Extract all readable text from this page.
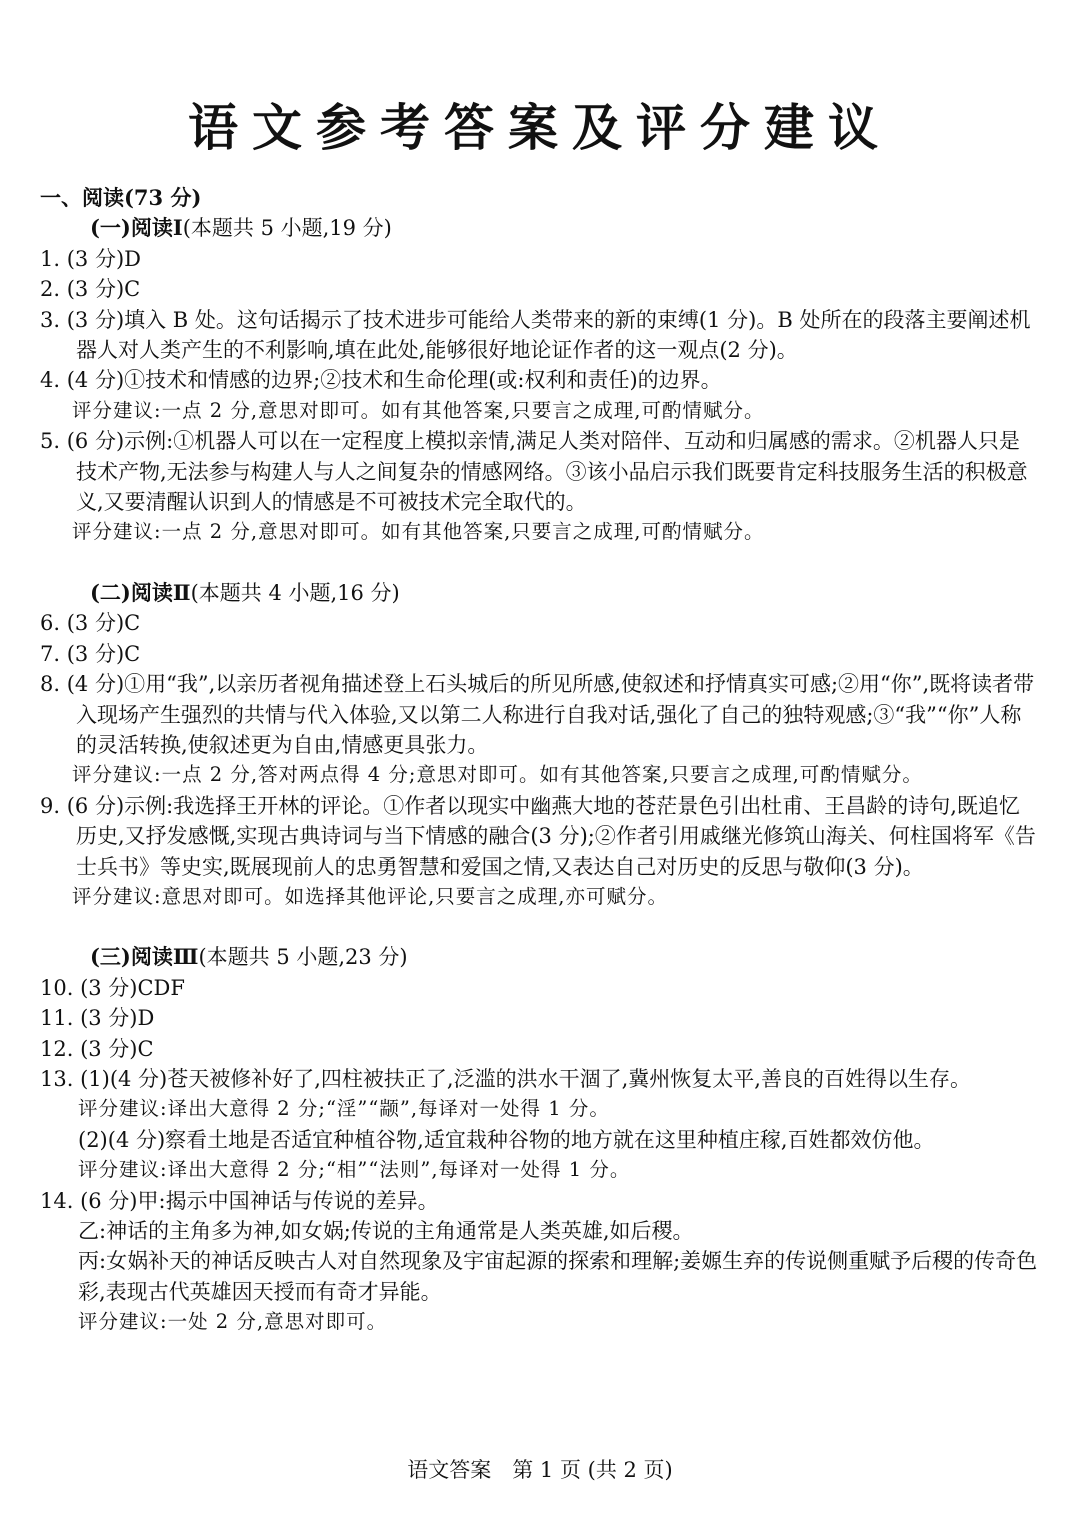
语文参考答案及评分建议

一、阅读(73 分)

(一)阅读Ⅰ(本题共 5 小题,19 分)

1. (3 分)D

2. (3 分)C

3. (3 分)填入 B 处。这句话揭示了技术进步可能给人类带来的新的束缚(1 分)。B 处所在的段落主要阐述机器人对人类产生的不利影响,填在此处,能够很好地论证作者的这一观点(2 分)。

4. (4 分)①技术和情感的边界;②技术和生命伦理(或:权利和责任)的边界。

评分建议:一点 2 分,意思对即可。如有其他答案,只要言之成理,可酌情赋分。

5. (6 分)示例:①机器人可以在一定程度上模拟亲情,满足人类对陪伴、互动和归属感的需求。②机器人只是技术产物,无法参与构建人与人之间复杂的情感网络。③该小品启示我们既要肯定科技服务生活的积极意义,又要清醒认识到人的情感是不可被技术完全取代的。

评分建议:一点 2 分,意思对即可。如有其他答案,只要言之成理,可酌情赋分。

(二)阅读Ⅱ(本题共 4 小题,16 分)

6. (3 分)C

7. (3 分)C

8. (4 分)①用“我”,以亲历者视角描述登上石头城后的所见所感,使叙述和抒情真实可感;②用“你”,既将读者带入现场产生强烈的共情与代入体验,又以第二人称进行自我对话,强化了自己的独特观感;③“我”“你”人称的灵活转换,使叙述更为自由,情感更具张力。

评分建议:一点 2 分,答对两点得 4 分;意思对即可。如有其他答案,只要言之成理,可酌情赋分。

9. (6 分)示例:我选择王开林的评论。①作者以现实中幽燕大地的苍茫景色引出杜甫、王昌龄的诗句,既追忆历史,又抒发感慨,实现古典诗词与当下情感的融合(3 分);②作者引用戚继光修筑山海关、何柱国将军《告士兵书》等史实,既展现前人的忠勇智慧和爱国之情,又表达自己对历史的反思与敬仰(3 分)。

评分建议:意思对即可。如选择其他评论,只要言之成理,亦可赋分。

(三)阅读Ⅲ(本题共 5 小题,23 分)

10. (3 分)CDF

11. (3 分)D

12. (3 分)C

13. (1)(4 分)苍天被修补好了,四柱被扶正了,泛滥的洪水干涸了,冀州恢复太平,善良的百姓得以生存。

评分建议:译出大意得 2 分;“淫”“颛”,每译对一处得 1 分。

(2)(4 分)察看土地是否适宜种植谷物,适宜栽种谷物的地方就在这里种植庄稼,百姓都效仿他。

评分建议:译出大意得 2 分;“相”“法则”,每译对一处得 1 分。

14. (6 分)甲:揭示中国神话与传说的差异。

乙:神话的主角多为神,如女娲;传说的主角通常是人类英雄,如后稷。

丙:女娲补天的神话反映古人对自然现象及宇宙起源的探索和理解;姜嫄生弃的传说侧重赋予后稷的传奇色彩,表现古代英雄因天授而有奇才异能。

评分建议:一处 2 分,意思对即可。

语文答案　第 1 页 (共 2 页)
